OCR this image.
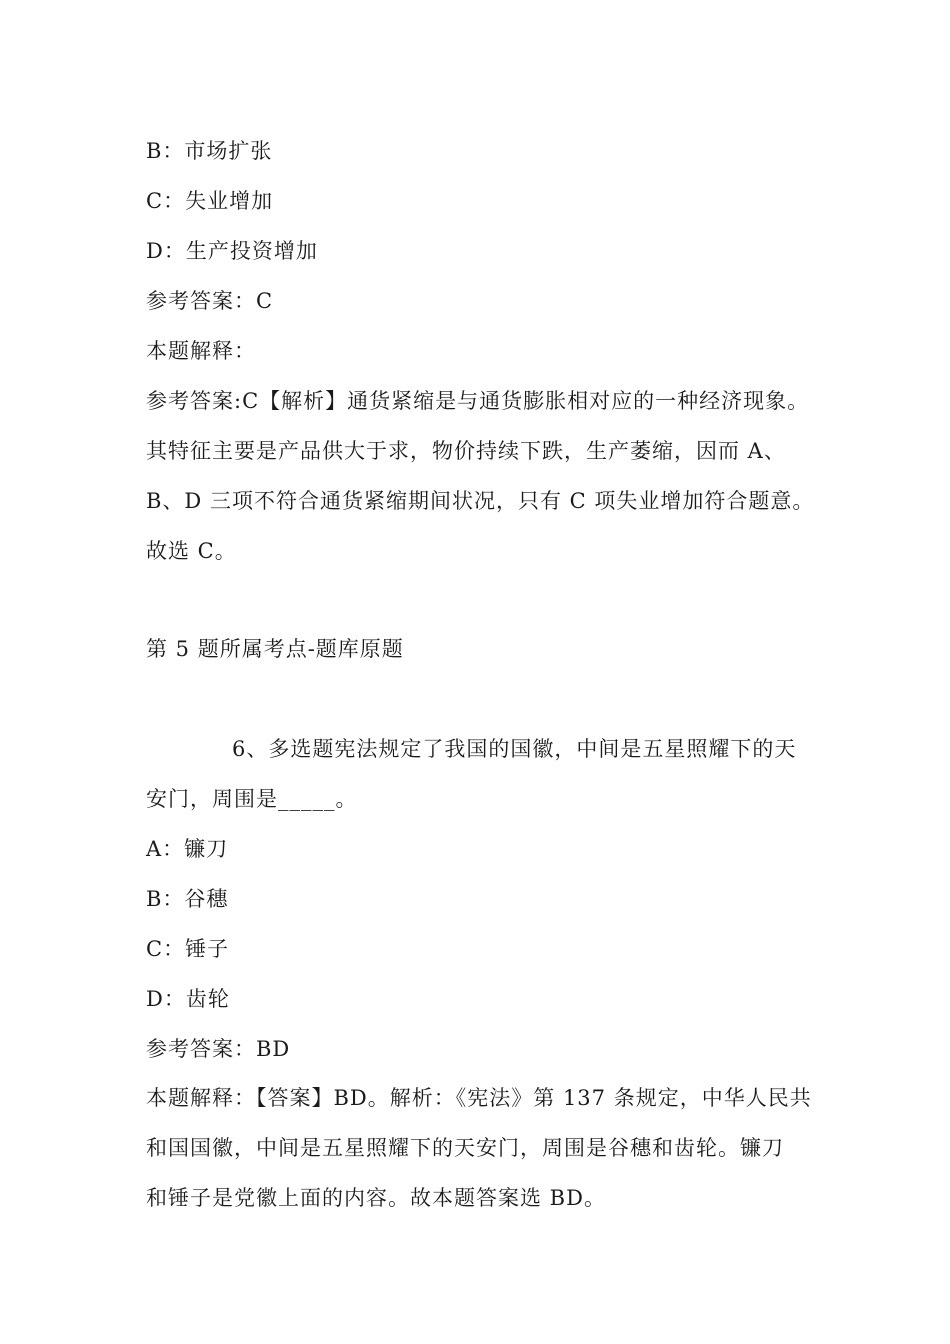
B：市场扩张
C：失业增加
D：生产投资增加
参考答案：C
本题解释：
参考答案:C【解析】通货紧缩是与通货膨胀相对应的一种经济现象。
其特征主要是产品供大于求，物价持续下跌，生产萎缩，因而 A、
B、D 三项不符合通货紧缩期间状况，只有 C 项失业增加符合题意。
故选 C。
第 5 题所属考点-题库原题
6、多选题宪法规定了我国的国徽，中间是五星照耀下的天
安门，周围是_____。
A：镰刀
B：谷穗
C：锤子
D：齿轮
参考答案：BD
本题解释：【答案】BD。解析：《宪法》第 137 条规定，中华人民共
和国国徽，中间是五星照耀下的天安门，周围是谷穗和齿轮。镰刀
和锤子是党徽上面的内容。故本题答案选 BD。
